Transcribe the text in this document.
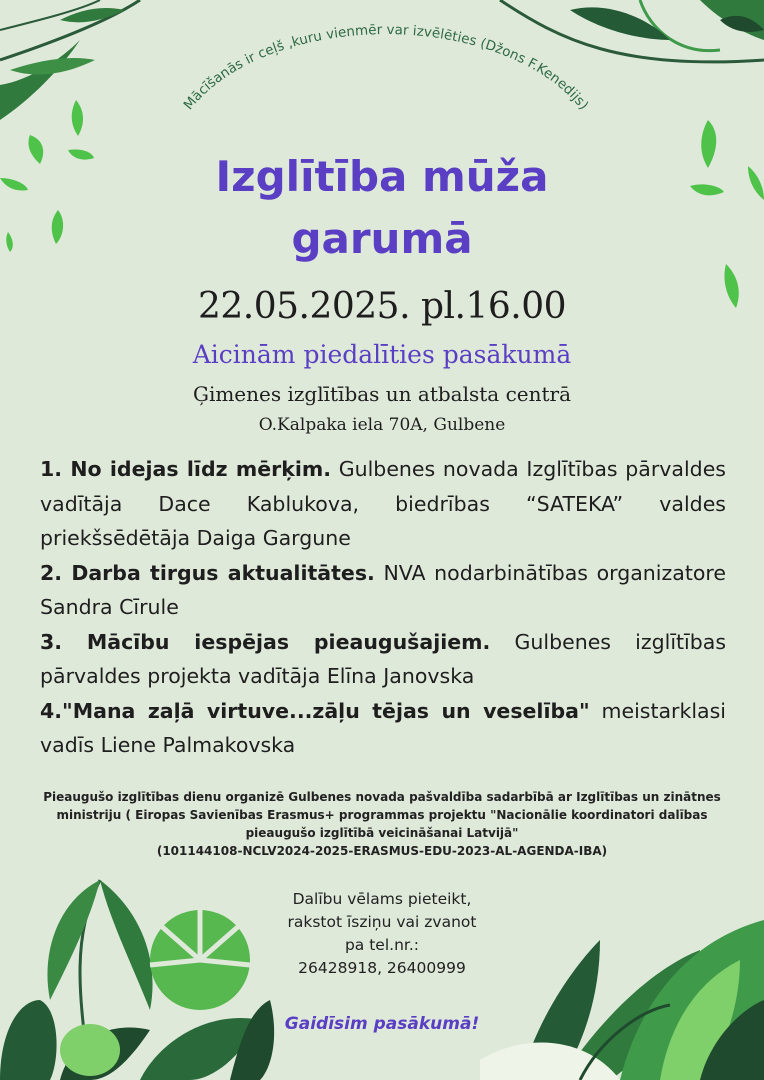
Mācīšanās ir ceļš ,kuru vienmēr var izvēlēties (Džons F.Kenedijs)
Izglītība mūža
garumā
22.05.2025. pl.16.00
Aicinām piedalīties pasākumā
Ģimenes izglītības un atbalsta centrā
O.Kalpaka iela 70A, Gulbene

1. No idejas līdz mērķim. Gulbenes novada Izglītības pārvaldes vadītāja Dace Kablukova, biedrības “SATEKA” valdes priekšsēdētāja Daiga Gargune

2. Darba tirgus aktualitātes. NVA nodarbinātības organizatore Sandra Cīrule

3. Mācību iespējas pieaugušajiem. Gulbenes izglītības pārvaldes projekta vadītāja Elīna Janovska

4."Mana zaļā virtuve...zāļu tējas un veselība" meistarklasi vadīs Liene Palmakovska

Pieaugušo izglītības dienu organizē Gulbenes novada pašvaldība sadarbībā ar Izglītības un zinātnes
ministriju ( Eiropas Savienības Erasmus+ programmas projektu "Nacionālie koordinatori dalības
pieaugušo izglītībā veicināšanai Latvijā"
(101144108-NCLV2024-2025-ERASMUS-EDU-2023-AL-AGENDA-IBA)
Dalību vēlams pieteikt,
rakstot īsziņu vai zvanot
pa tel.nr.:
26428918, 26400999
Gaidīsim pasākumā!
